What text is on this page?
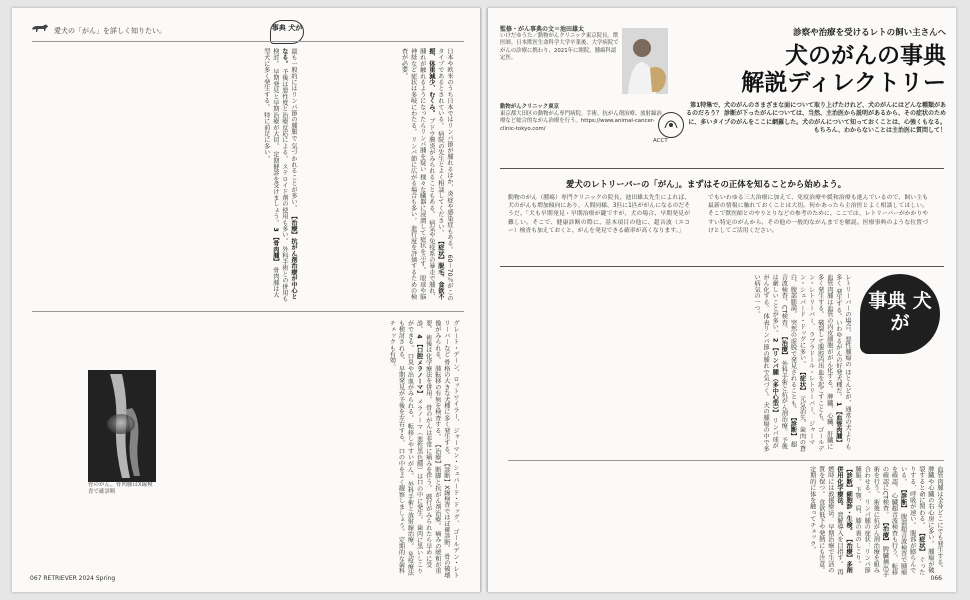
愛犬の「がん」を詳しく知りたい。	事典 犬が
日本や欧米のうち日本ではリンパ節が腫れるほか、炎症や感染症もある。 60〜70％がこのタイプであるとされている。 病院の先生とよく相談してください。 【症状】脱毛、食欲不振、体重減少、むくみ。 ブドウ膜炎がみられることもある。 病気や免疫系の暴走で腫れ、 腫れが触れるようになったらリンパ腫を疑い 様々な臓器に浸潤して症状を示す。 眼球や脳神経など症状は多岐にわたる。 リンパ節に広がる場合も多い。 進行度を評価するための検査が必要。
最も一般的にはリンパ節の腫脹で 気づかれることが多い。 【治療】抗がん剤治療が中心となる。 予後は悪性度と治療反応による。 ステロイド剤の使用も多い。 外科手術との併用も検討。 早期発見と早期治療が大切。 定期健診を受けましょう。 3 【骨肉腫】 骨肉腫は大型犬に多く発生する。 特に前足に多い。
グレート・デーン、ロットワイラー、 ジャーマン・シェパード・ドッグ、 ゴールデン・レトリーバーなど 骨格の大きな犬種に多く発生する。 【診断】X線検査でほぼ確診断。 骨の破壊像がみられる。 肺転移の有無を検査する。 【治療】断脚と抗がん剤治療。 痛みの緩和が重要。 術後は化学療法を併用。 骨のがんは非常に痛みを伴う。 跛行がみられたら早めに受診。 4 【口腔メラノーマ】 メラノーマ（悪性黒色腫）は口の中に発生。 歯肉に黒いしこりができる。 口臭や出血がみられる。 転移しやすいがん。 外科手術と放射線治療。 免疫療法も検討される。 早期発見が予後を左右する。 口の中をよく観察しましょう。 定期的な歯科チェックも有効。
骨のがん。骨肉腫はX線検査で確診断
067 RETRIEVER 2024 Spring
監修・がん事典の文＝池田雄太
いけだゆうた／動物がんクリニック東京院長。獣医師。日本獣医生命科学大学卒業後、大学病院でがんの診療に携わり、2021年に開院。腫瘍科認定医。
動物がんクリニック東京
東京都大田区の動物がん専門病院。手術、抗がん剤治療、放射線治療など総合的ながん治療を行う。https://www.animal-cancer-clinic-tokyo.com/
ACCT
診察や治療を受けるレトの飼い主さんへ
犬のがんの事典
解説ディレクトリー
第1特集で、犬のがんのさまざまな面について取り上げたけれど、犬のがんにはどんな種類があるのだろう？ 診断が下ったがんについては、当然、主治医から説明があるから、その症状のために、多いタイプのがんをここに網羅した。犬のがんについて知っておくことは、心強くもなる。もちろん、わからないことは主治医に質問して！
愛犬のレトリーバーの「がん」。まずはその正体を知ることから始めよう。
動物のがん（腫瘍）専門クリニックの院長、池田雄太先生によれば、犬のがんも増加傾向にあり、人間同様、3匹に1匹ががんになるのだそうだ。「犬も早期発見・早期治療が鍵ですが、犬の場合、早期発見が難しい。そこで、健康診断の際に、基本項目の他に、超音波（エコー）検査も加えておくと、がんを発見できる確率が高くなります。」
でもいわゆる三大治療に加えて、免疫治療や緩和治療も進んでいるので、飼い主も最新の情報に触れておくことは大切。何かあったら主治医とよく相談してほしい。そこで獣医師とのやりとりなどの参考のために、ここでは、レトリーバーがかかりやすい特定のがんから、その他の一般的ながんまでを解説。医療事典のような位置づけとしてご活用ください。
事典 犬が
レトリーバーの場合、悪性腫瘍の ほとんどが、通常の犬よりも多く 発生する。いわゆるがんの好発犬種だ。 1 【血管肉腫】 血管肉腫は血管の内皮細胞ががん化する。 脾臓、心臓、肝臓に多く発生する。 破裂して腹腔内出血を起こすことも。 ゴールデン・レトリーバー、 ラブラドール・レトリーバー、 ジャーマン・シェパード・ドッグに多い。 【症状】 元気消失、歯肉の蒼白、腹部膨満。 突然の虚脱で発見されることも。 【診断】 超音波検査、CT検査。 【治療】 外科手術と抗がん剤治療。 予後は厳しいことが多い。 2 【リンパ腫（多中心型）】 リンパ球ががん化する。 体表リンパ節の腫れで気づく。 犬の腫瘍の中で多い病気の一つ。
血管肉腫は全身どこにでも発生する。 脾臓や心臓の右心房に多い。 腫瘍が破裂すると命に関わる。 【症状】 ぐったりする、呼吸が速い。 腹部が膨らんでいる。 【診断】 腹部超音波検査で腫瘤を確認。 心臓超音波検査も行う。 転移の確認にCT検査。 【治療】 脾臓摘出手術を行う。 術後に抗がん剤治療を組み合わせる。 リンパ腫の症状：リンパ節腫脹。 下顎、肩、膝の裏のしこり。 【診断】細胞診・生検。 【治療】多剤併用化学療法。 寛解導入を目指す。 再燃時には救援療法。 早期治療で生活の質を保つ。 食欲低下や発熱にも注意。 定期的に体を触ってチェック。
066
